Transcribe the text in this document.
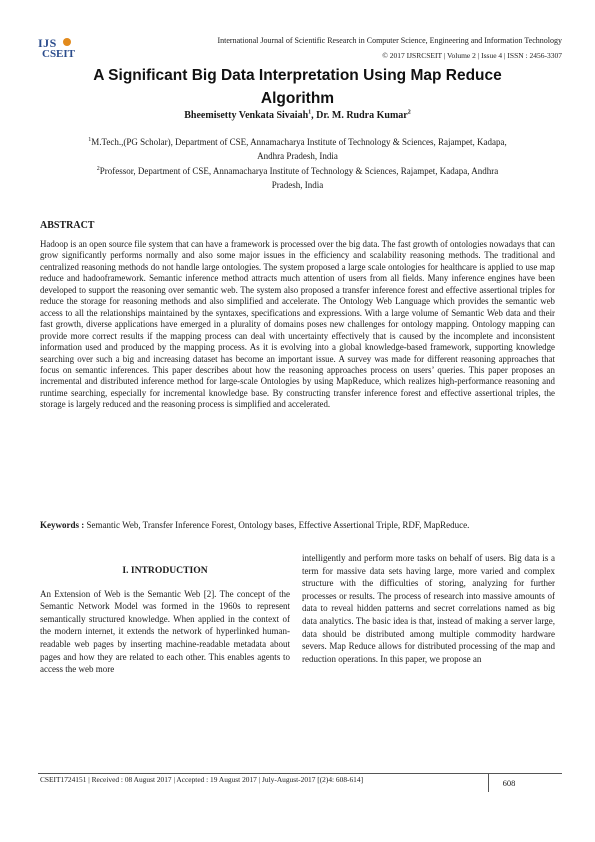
IJS
CSEIT
International Journal of Scientific Research in Computer Science, Engineering and Information Technology
© 2017 IJSRCSEIT | Volume 2 | Issue 4 | ISSN : 2456-3307
A Significant Big Data Interpretation Using Map Reduce
Algorithm
Bheemisetty Venkata Sivaiah$^1$, Dr. M. Rudra Kumar$^2$
$^1$M.Tech.,(PG Scholar), Department of CSE, Annamacharya Institute of Technology & Sciences, Rajampet, Kadapa,
Andhra Pradesh, India
$^2$Professor, Department of CSE, Annamacharya Institute of Technology & Sciences, Rajampet, Kadapa, Andhra
Pradesh, India
ABSTRACT
Hadoop is an open source file system that can have a framework is processed over the big data. The fast growth of ontologies nowadays that can grow significantly performs normally and also some major issues in the efficiency and scalability reasoning methods. The traditional and centralized reasoning methods do not handle large ontologies. The system proposed a large scale ontologies for healthcare is applied to use map reduce and hadooframework. Semantic inference method attracts much attention of users from all fields. Many inference engines have been developed to support the reasoning over semantic web. The system also proposed a transfer inference forest and effective assertional triples for reduce the storage for reasoning methods and also simplified and accelerate. The Ontology Web Language which provides the semantic web access to all the relationships maintained by the syntaxes, specifications and expressions. With a large volume of Semantic Web data and their fast growth, diverse applications have emerged in a plurality of domains poses new challenges for ontology mapping. Ontology mapping can provide more correct results if the mapping process can deal with uncertainty effectively that is caused by the incomplete and inconsistent information used and produced by the mapping process. As it is evolving into a global knowledge-based framework, supporting knowledge searching over such a big and increasing dataset has become an important issue. A survey was made for different reasoning approaches that focus on semantic inferences. This paper describes about how the reasoning approaches process on users’ queries. This paper proposes an incremental and distributed inference method for large-scale Ontologies by using MapReduce, which realizes high-performance reasoning and runtime searching, especially for incremental knowledge base. By constructing transfer inference forest and effective assertional triples, the storage is largely reduced and the reasoning process is simplified and accelerated.
Keywords : Semantic Web, Transfer Inference Forest, Ontology bases, Effective Assertional Triple, RDF, MapReduce.
I. INTRODUCTION
An Extension of Web is the Semantic Web [2]. The concept of the Semantic Network Model was formed in the 1960s to represent semantically structured knowledge. When applied in the context of the modern internet, it extends the network of hyperlinked human-readable web pages by inserting machine-readable metadata about pages and how they are related to each other. This enables agents to access the web more
intelligently and perform more tasks on behalf of users. Big data is a term for massive data sets having large, more varied and complex structure with the difficulties of storing, analyzing for further processes or results. The process of research into massive amounts of data to reveal hidden patterns and secret correlations named as big data analytics. The basic idea is that, instead of making a server large, data should be distributed among multiple commodity hardware severs. Map Reduce allows for distributed processing of the map and reduction operations. In this paper, we propose an
CSEIT1724151 | Received : 08 August 2017 | Accepted : 19 August 2017 | July-August-2017 [(2)4: 608-614]	608
